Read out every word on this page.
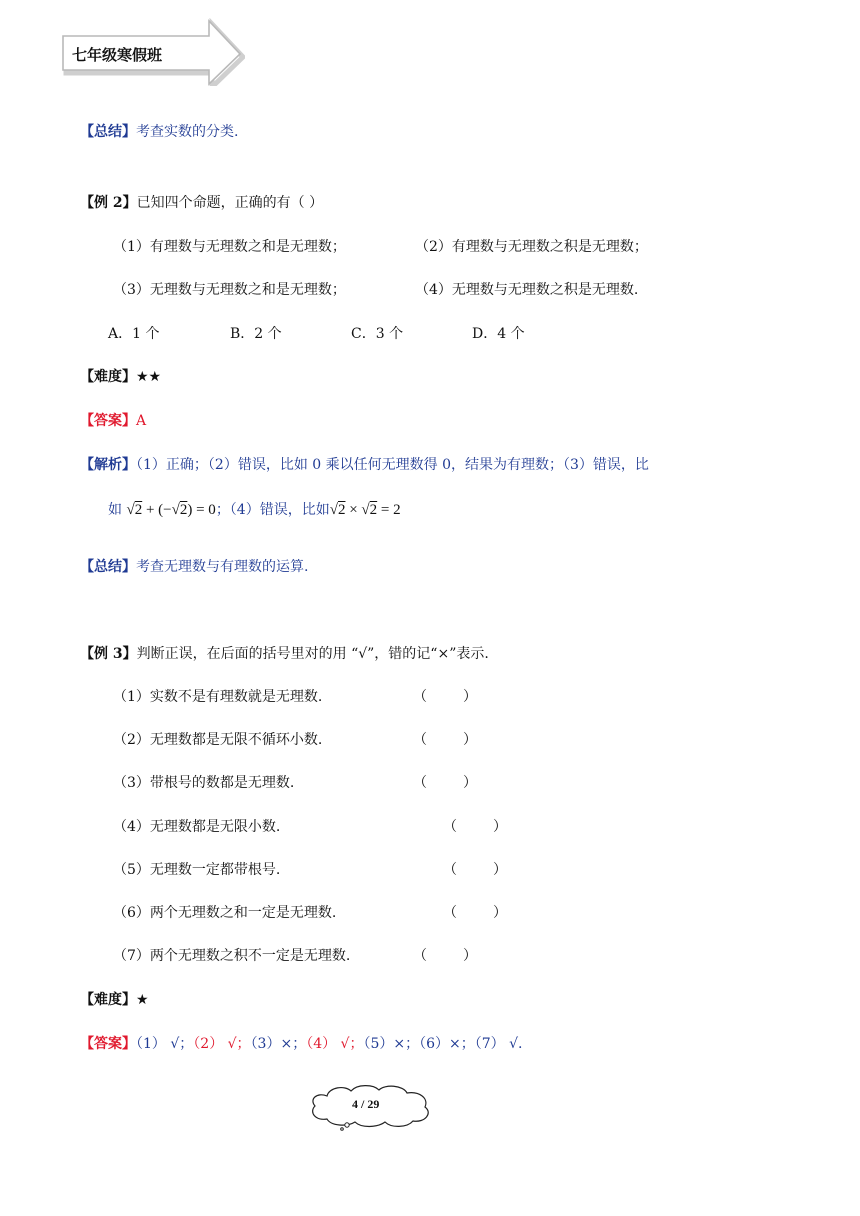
七年级寒假班
【总结】考查实数的分类.
【例 2】已知四个命题，正确的有（ ）
（1）有理数与无理数之和是无理数；	（2）有理数与无理数之积是无理数；
（3）无理数与无理数之和是无理数；	（4）无理数与无理数之积是无理数.
A．1 个	B．2 个	C．3 个	D．4 个
【难度】★★
【答案】A
【解析】（1）正确；（2）错误，比如 0 乘以任何无理数得 0，结果为有理数；（3）错误，比
如 √2 + (−√2) = 0；（4）错误，比如√2 × √2 = 2
【总结】考查无理数与有理数的运算.
【例 3】判断正误，在后面的括号里对的用 “√”，错的记“×”表示.
（1）实数不是有理数就是无理数.	（	）
（2）无理数都是无限不循环小数.	（	）
（3）带根号的数都是无理数.	（	）
（4）无理数都是无限小数.	（	）
（5）无理数一定都带根号.	（	）
（6）两个无理数之和一定是无理数.	（	）
（7）两个无理数之积不一定是无理数.	（	）
【难度】★
【答案】（1） √；（2） √；（3）×；（4） √；（5）×；（6）×；（7） √.
4 / 29
